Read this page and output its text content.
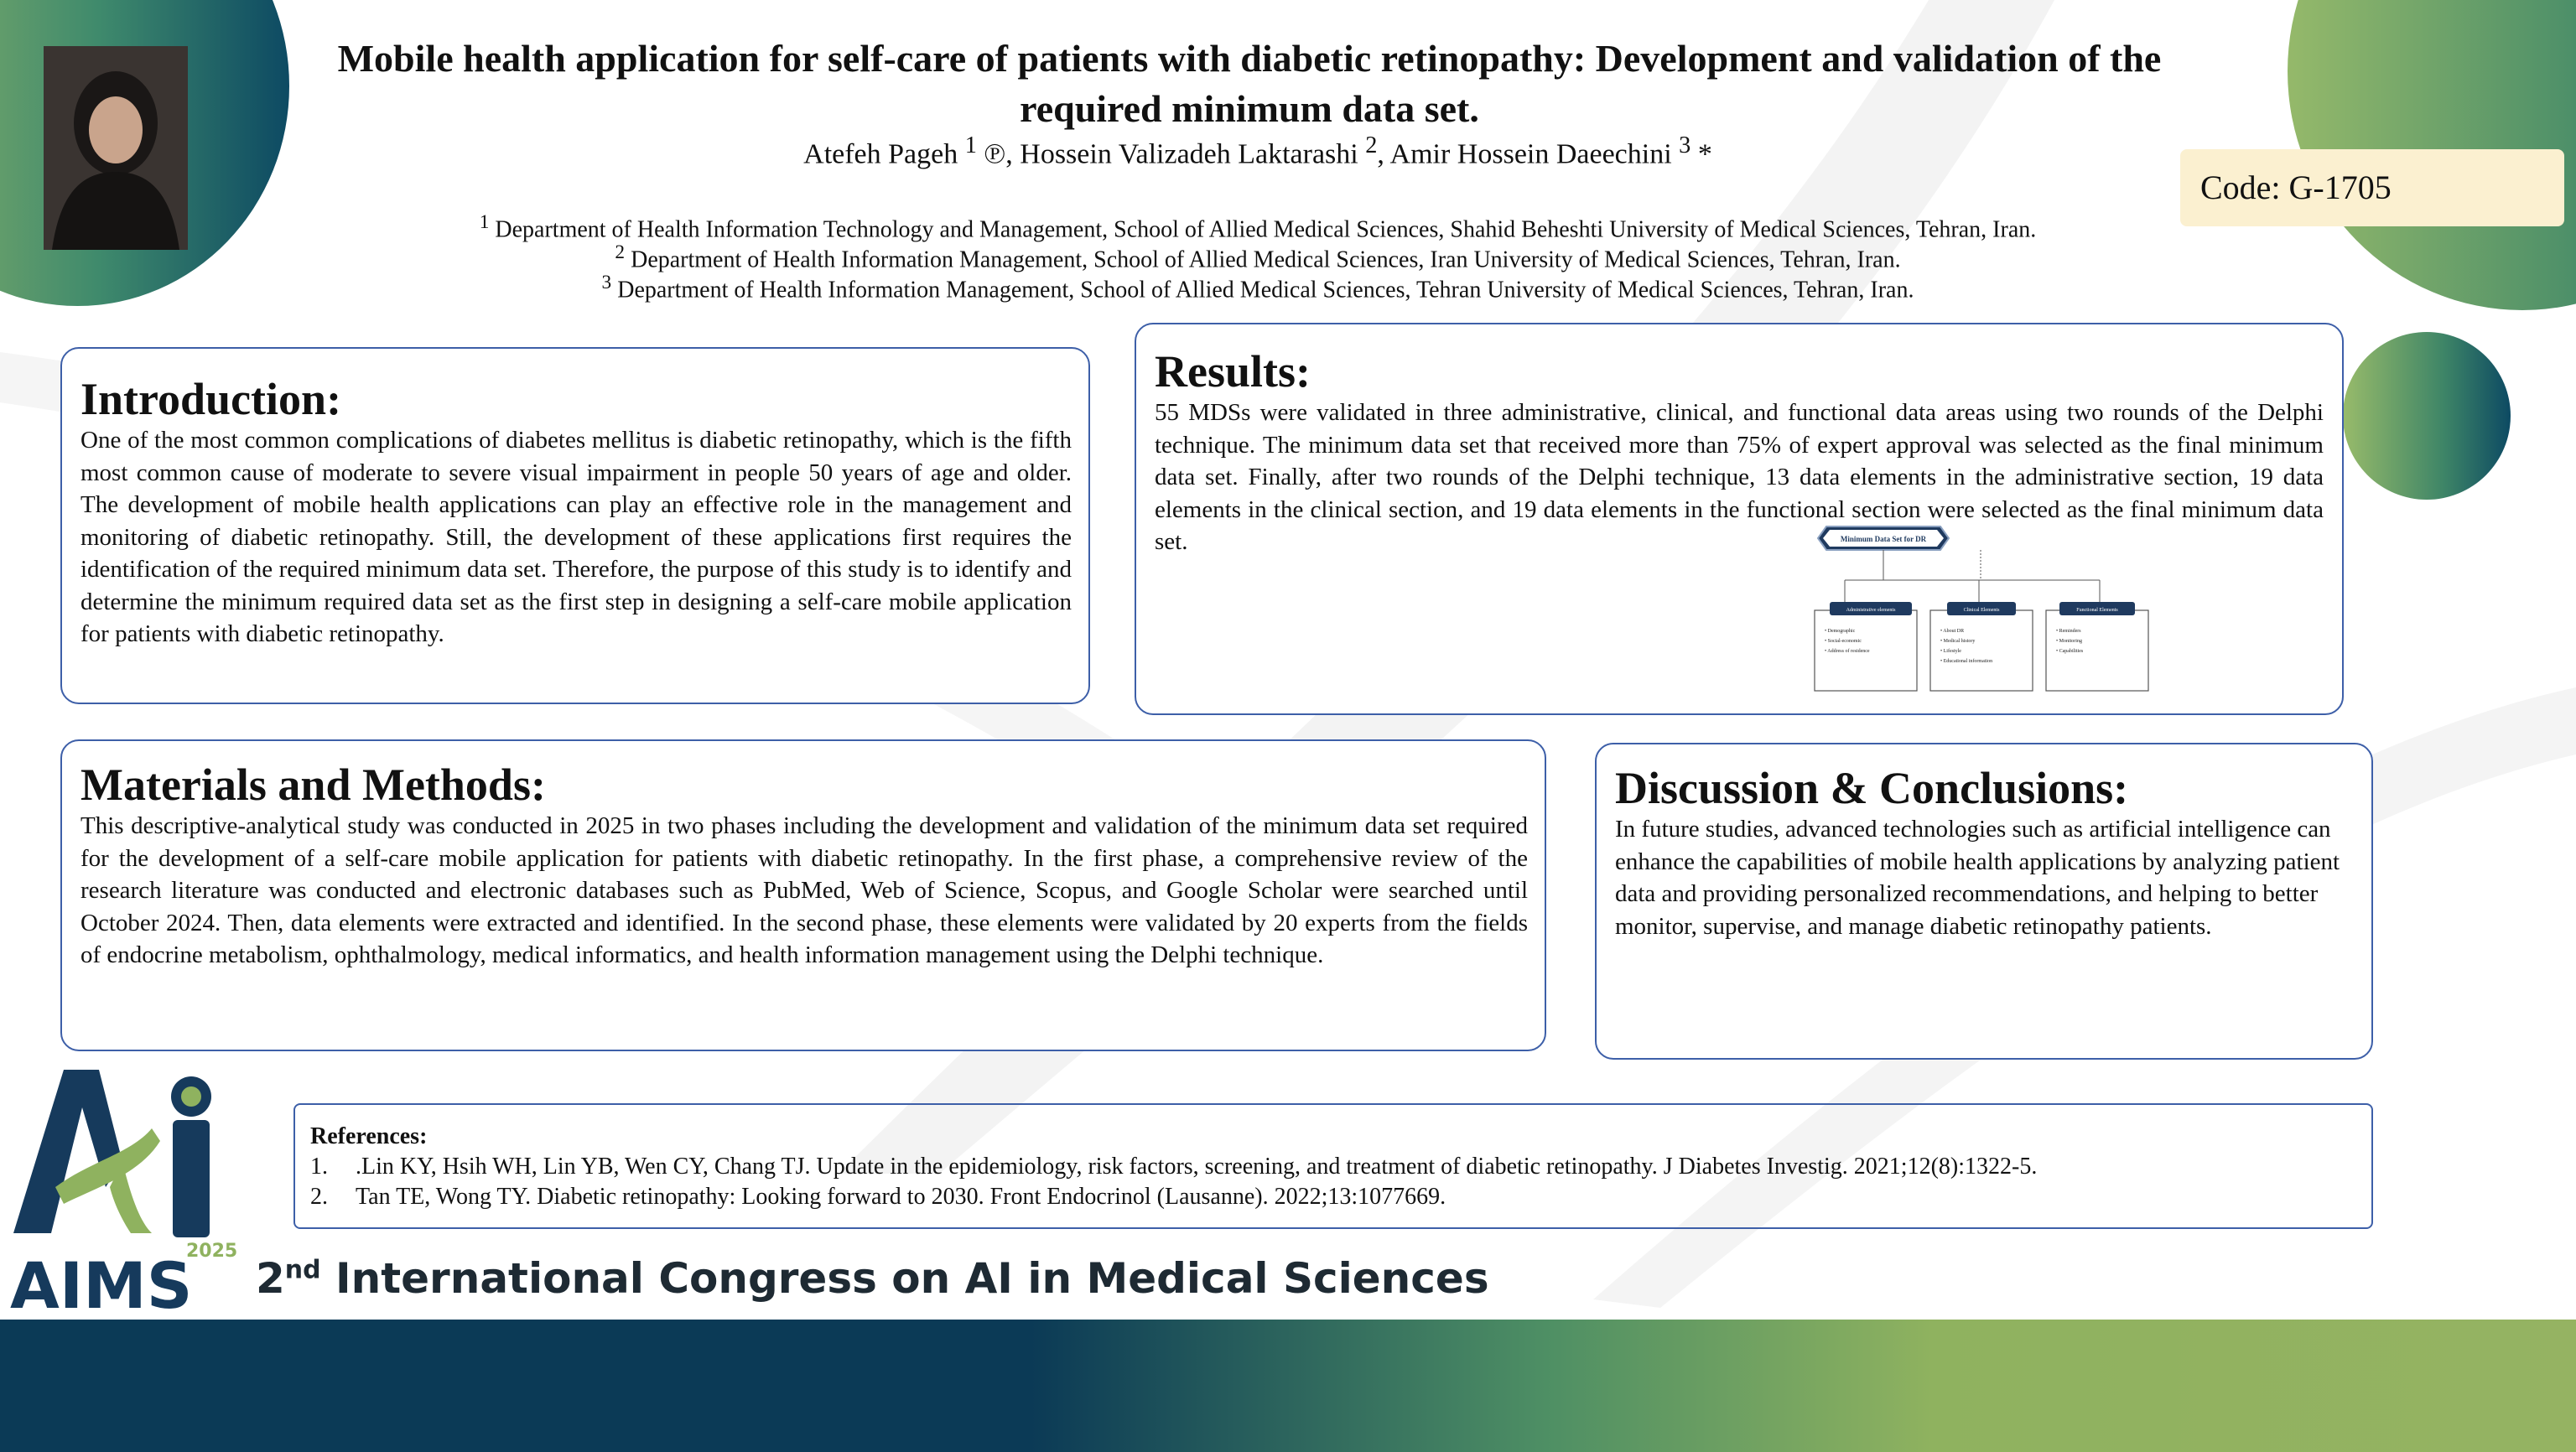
Mobile health application for self-care of patients with diabetic retinopathy: Development and validation of the required minimum data set.
Atefeh Pageh $^1$ ℗, Hossein Valizadeh Laktarashi $^2$, Amir Hossein Daeechini $^3$ *
$^1$ Department of Health Information Technology and Management, School of Allied Medical Sciences, Shahid Beheshti University of Medical Sciences, Tehran, Iran.
$^2$ Department of Health Information Management, School of Allied Medical Sciences, Iran University of Medical Sciences, Tehran, Iran.
$^3$ Department of Health Information Management, School of Allied Medical Sciences, Tehran University of Medical Sciences, Tehran, Iran.
Code: G-1705
Introduction:

One of the most common complications of diabetes mellitus is diabetic retinopathy, which is the fifth most common cause of moderate to severe visual impairment in people 50 years of age and older. The development of mobile health applications can play an effective role in the management and monitoring of diabetic retinopathy. Still, the development of these applications first requires the identification of the required minimum data set. Therefore, the purpose of this study is to identify and determine the minimum required data set as the first step in designing a self-care mobile application for patients with diabetic retinopathy.

Results:

55 MDSs were validated in three administrative, clinical, and functional data areas using two rounds of the Delphi technique. The minimum data set that received more than 75% of expert approval was selected as the final minimum data set. Finally, after two rounds of the Delphi technique, 13 data elements in the administrative section, 19 data elements in the clinical section, and 19 data elements in the functional section were selected as the final minimum data set.	Minimum Data Set for DR
Administrative elements
• Demographic
• Social-economic
• Address of residence
Clinical Elements
• About DR
• Medical history
• Lifestyle
• Educational information
Functional Elements
• Reminders
• Monitoring
• Capabilities
Materials and Methods:

This descriptive-analytical study was conducted in 2025 in two phases including the development and validation of the minimum data set required for the development of a self-care mobile application for patients with diabetic retinopathy. In the first phase, a comprehensive review of the research literature was conducted and electronic databases such as PubMed, Web of Science, Scopus, and Google Scholar were searched until October 2024. Then, data elements were extracted and identified. In the second phase, these elements were validated by 20 experts from the fields of endocrine metabolism, ophthalmology, medical informatics, and health information management using the Delphi technique.

Discussion & Conclusions:

In future studies, advanced technologies such as artificial intelligence can enhance the capabilities of mobile health applications by analyzing patient data and providing personalized recommendations, and helping to better monitor, supervise, and manage diabetic retinopathy patients.

References:
1.	.Lin KY, Hsih WH, Lin YB, Wen CY, Chang TJ. Update in the epidemiology, risk factors, screening, and treatment of diabetic retinopathy. J Diabetes Investig. 2021;12(8):1322-5.
2.	Tan TE, Wong TY. Diabetic retinopathy: Looking forward to 2030. Front Endocrinol (Lausanne). 2022;13:1077669.
2025
AIMS 2nd International Congress on AI in Medical Sciences
